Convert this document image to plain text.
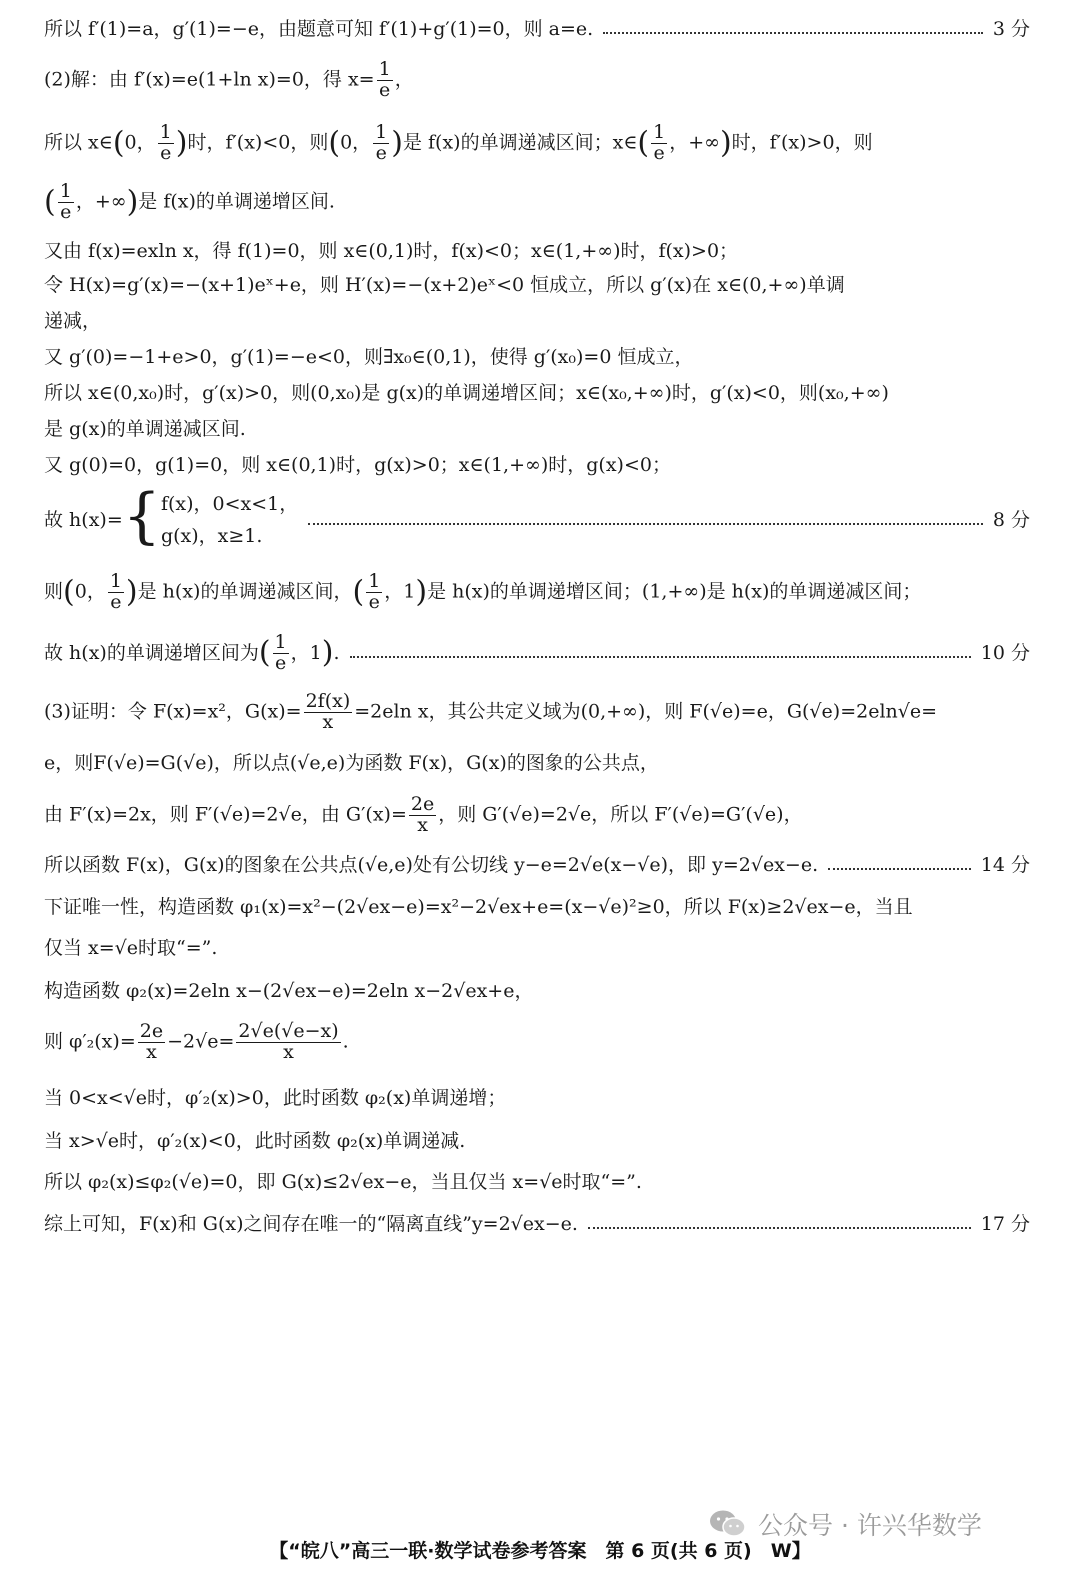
所以 f′(1)=a，g′(1)=−e，由题意可知 f′(1)+g′(1)=0，则 a=e.	3 分
(2)解：由 f′(x)=e(1+ln x)=0，得 $x= \frac{1}{e}$ ，
所以 x∈(0， $\frac{1}{e}$ )时，f′(x)<0，则(0， $\frac{1}{e}$ )是 f(x)的单调递减区间；x∈( $\frac{1}{e}$ ，+∞)时，f′(x)>0，则
( $\frac{1}{e}$ ，+∞)是 f(x)的单调递增区间.
又由 f(x)=exln x，得 f(1)=0，则 x∈(0,1)时，f(x)<0；x∈(1,+∞)时，f(x)>0；
令 H(x)=g′(x)=−(x+1)eˣ+e，则 H′(x)=−(x+2)eˣ<0 恒成立，所以 g′(x)在 x∈(0,+∞)单调
递减，
又 g′(0)=−1+e>0，g′(1)=−e<0，则∃x₀∈(0,1)，使得 g′(x₀)=0 恒成立，
所以 x∈(0,x₀)时，g′(x)>0，则(0,x₀)是 g(x)的单调递增区间；x∈(x₀,+∞)时，g′(x)<0，则(x₀,+∞)
是 g(x)的单调递减区间.
又 g(0)=0，g(1)=0，则 x∈(0,1)时，g(x)>0；x∈(1,+∞)时，g(x)<0；
故 h(x)= { f(x)，0<x<1，
g(x)，x≥1.
8 分
则(0， $\frac{1}{e}$ )是 h(x)的单调递减区间，( $\frac{1}{e}$ ，1)是 h(x)的单调递增区间；(1,+∞)是 h(x)的单调递减区间；
故 h(x)的单调递增区间为 ( $\frac{1}{e}$ ，1 ) .	10 分
(3)证明：令 F(x)=x²，$G(x)= \frac{2f(x)}{x} =2eln$ x，其公共定义域为(0,+∞)，则 F(√e)=e，G(√e)=2eln√e=
e，则F(√e)=G(√e)，所以点(√e,e)为函数 F(x)，G(x)的图象的公共点，
由 F′(x)=2x，则 F′(√e)=2√e，由 $G'(x)= \frac{2e}{x}$ ，则 G′(√e)=2√e，所以 F′(√e)=G′(√e)，
所以函数 F(x)，G(x)的图象在公共点(√e,e)处有公切线 y−e=2√e(x−√e)，即 y=2√ex−e.	14 分
下证唯一性，构造函数 φ₁(x)=x²−(2√ex−e)=x²−2√ex+e=(x−√e)²≥0，所以 F(x)≥2√ex−e，当且
仅当 x=√e时取“=”.
构造函数 φ₂(x)=2eln x−(2√ex−e)=2eln x−2√ex+e，
则 $\varphi'_2(x)= \frac{2e}{x} -2√e= \frac{2√e(√e-x)}{x}$ .
当 0<x<√e时，φ′₂(x)>0，此时函数 φ₂(x)单调递增；
当 x>√e时，φ′₂(x)<0，此时函数 φ₂(x)单调递减.
所以 φ₂(x)≤φ₂(√e)=0，即 G(x)≤2√ex−e，当且仅当 x=√e时取“=”.
综上可知，F(x)和 G(x)之间存在唯一的“隔离直线”y=2√ex−e.	17 分
公众号 · 许兴华数学
【“皖八”高三一联·数学试卷参考答案　第 6 页(共 6 页)　W】
